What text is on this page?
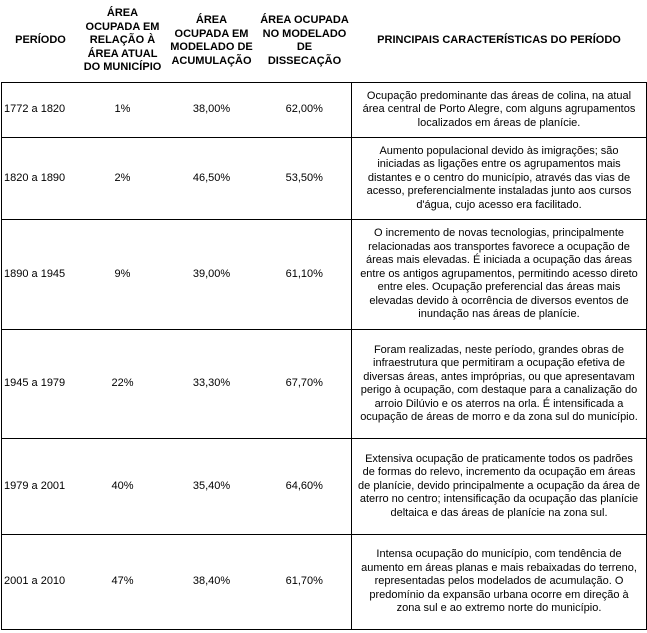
PERÍODO	ÁREA OCUPADA EM RELAÇÃO À ÁREA ATUAL DO MUNICÍPIO	ÁREA OCUPADA EM MODELADO DE ACUMULAÇÃO	ÁREA OCUPADA NO MODELADO DE DISSECAÇÃO	PRINCIPAIS CARACTERÍSTICAS DO PERÍODO
1772 a 1820	1%	38,00%	62,00%	Ocupação predominante das áreas de colina, na atual área central de Porto Alegre, com alguns agrupamentos localizados em áreas de planície.
1820 a 1890	2%	46,50%	53,50%	Aumento populacional devido às imigrações; são iniciadas as ligações entre os agrupamentos mais distantes e o centro do município, através das vias de acesso, preferencialmente instaladas junto aos cursos d'água, cujo acesso era facilitado.
1890 a 1945	9%	39,00%	61,10%	O incremento de novas tecnologias, principalmente relacionadas aos transportes favorece a ocupação de áreas mais elevadas. É iniciada a ocupação das áreas entre os antigos agrupamentos, permitindo acesso direto entre eles. Ocupação preferencial das áreas mais elevadas devido à ocorrência de diversos eventos de inundação nas áreas de planície.
1945 a 1979	22%	33,30%	67,70%	Foram realizadas, neste período, grandes obras de infraestrutura que permitiram a ocupação efetiva de diversas áreas, antes impróprias, ou que apresentavam perigo à ocupação, com destaque para a canalização do arroio Dilúvio e os aterros na orla. É intensificada a ocupação de áreas de morro e da zona sul do município.
1979 a 2001	40%	35,40%	64,60%	Extensiva ocupação de praticamente todos os padrões de formas do relevo, incremento da ocupação em áreas de planície, devido principalmente a ocupação da área de aterro no centro; intensificação da ocupação das planície deltaica e das áreas de planície na zona sul.
2001 a 2010	47%	38,40%	61,70%	Intensa ocupação do município, com tendência de aumento em áreas planas e mais rebaixadas do terreno, representadas pelos modelados de acumulação. O predomínio da expansão urbana ocorre em direção à zona sul e ao extremo norte do município.
